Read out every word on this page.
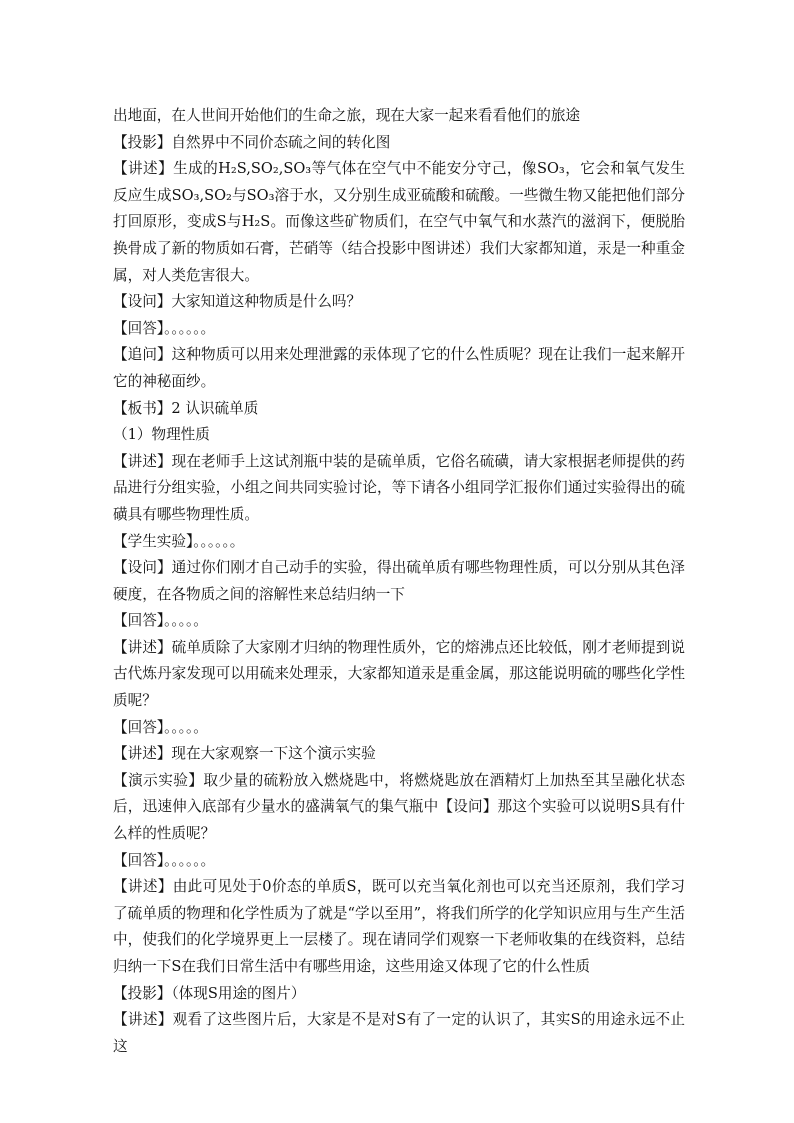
出地面，在人世间开始他们的生命之旅，现在大家一起来看看他们的旅途

【投影】自然界中不同价态硫之间的转化图

【讲述】生成的H₂S,SO₂,SO₃等气体在空气中不能安分守己，像SO₃，它会和氧气发生反应生成SO₃,SO₂与SO₃溶于水，又分别生成亚硫酸和硫酸。一些微生物又能把他们部分打回原形，变成S与H₂S。而像这些矿物质们，在空气中氧气和水蒸汽的滋润下，便脱胎换骨成了新的物质如石膏，芒硝等（结合投影中图讲述）我们大家都知道，汞是一种重金属，对人类危害很大。

【设问】大家知道这种物质是什么吗？

【回答】。。。。。。

【追问】这种物质可以用来处理泄露的汞体现了它的什么性质呢？现在让我们一起来解开它的神秘面纱。

【板书】2 认识硫单质

（1）物理性质

【讲述】现在老师手上这试剂瓶中装的是硫单质，它俗名硫磺，请大家根据老师提供的药品进行分组实验，小组之间共同实验讨论，等下请各小组同学汇报你们通过实验得出的硫磺具有哪些物理性质。

【学生实验】。。。。。。

【设问】通过你们刚才自己动手的实验，得出硫单质有哪些物理性质，可以分别从其色泽硬度，在各物质之间的溶解性来总结归纳一下

【回答】。。。。。

【讲述】硫单质除了大家刚才归纳的物理性质外，它的熔沸点还比较低，刚才老师提到说古代炼丹家发现可以用硫来处理汞，大家都知道汞是重金属，那这能说明硫的哪些化学性质呢？

【回答】。。。。。

【讲述】现在大家观察一下这个演示实验

【演示实验】取少量的硫粉放入燃烧匙中，将燃烧匙放在酒精灯上加热至其呈融化状态后，迅速伸入底部有少量水的盛满氧气的集气瓶中【设问】那这个实验可以说明S具有什么样的性质呢？

【回答】。。。。。。

【讲述】由此可见处于0价态的单质S，既可以充当氧化剂也可以充当还原剂，我们学习了硫单质的物理和化学性质为了就是“学以至用”，将我们所学的化学知识应用与生产生活中，使我们的化学境界更上一层楼了。现在请同学们观察一下老师收集的在线资料，总结归纳一下S在我们日常生活中有哪些用途，这些用途又体现了它的什么性质

【投影】（体现S用途的图片）

【讲述】观看了这些图片后，大家是不是对S有了一定的认识了，其实S的用途永远不止这
